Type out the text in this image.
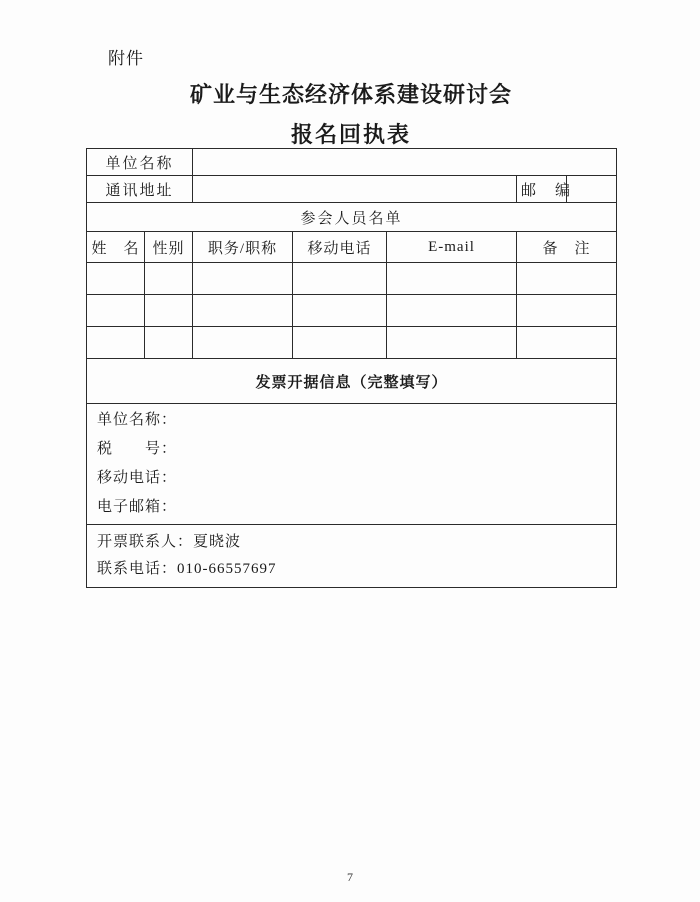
附件
矿业与生态经济体系建设研讨会
报名回执表
单位名称						
通讯地址					邮　编	
参会人员名单						
姓　名	性别	职务/职称	移动电话	E-mail	备　注	

发票开据信息（完整填写）						

单位名称：
税　　号：
移动电话：
电子邮箱：						

开票联系人：夏晓波
联系电话：010-66557697						
7
